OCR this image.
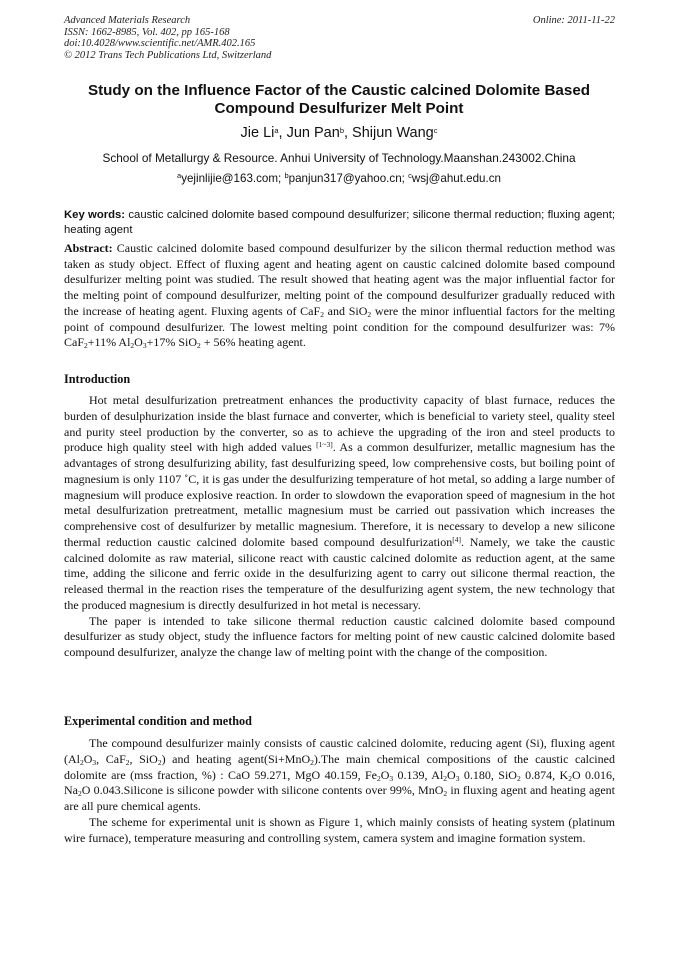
Advanced Materials Research
ISSN: 1662-8985, Vol. 402, pp 165-168
doi:10.4028/www.scientific.net/AMR.402.165
© 2012 Trans Tech Publications Ltd, Switzerland
Online: 2011-11-22
Study on the Influence Factor of the Caustic calcined Dolomite Based
Compound Desulfurizer Melt Point
Jie Li$^a$, Jun Pan$^b$, Shijun Wang$^c$
School of Metallurgy & Resource. Anhui University of Technology.Maanshan.243002.China
$^a$yejinlijie@163.com; $^b$panjun317@yahoo.cn; $^c$wsj@ahut.edu.cn
Key words: caustic calcined dolomite based compound desulfurizer; silicone thermal reduction; fluxing agent; heating agent
Abstract: Caustic calcined dolomite based compound desulfurizer by the silicon thermal reduction method was taken as study object. Effect of fluxing agent and heating agent on caustic calcined dolomite based compound desulfurizer melting point was studied. The result showed that heating agent was the major influential factor for the melting point of compound desulfurizer, melting point of the compound desulfurizer gradually reduced with the increase of heating agent. Fluxing agents of CaF$_2$ and SiO$_2$ were the minor influential factors for the melting point of compound desulfurizer. The lowest melting point condition for the compound desulfurizer was: 7% CaF$_2$+11% $Al_2O_3+17\%$ SiO$_2$ + 56% heating agent.
Introduction

Hot metal desulfurization pretreatment enhances the productivity capacity of blast furnace, reduces the burden of desulphurization inside the blast furnace and converter, which is beneficial to variety steel, quality steel and purity steel production by the converter, so as to achieve the upgrading of the iron and steel products to produce high quality steel with high added values [1~3]. As a common desulfurizer, metallic magnesium has the advantages of strong desulfurizing ability, fast desulfurizing speed, low comprehensive costs, but boiling point of magnesium is only 1107 ˚C, it is gas under the desulfurizing temperature of hot metal, so adding a large number of magnesium will produce explosive reaction. In order to slowdown the evaporation speed of magnesium in the hot metal desulfurization pretreatment, metallic magnesium must be carried out passivation which increases the comprehensive cost of desulfurizer by metallic magnesium. Therefore, it is necessary to develop a new silicone thermal reduction caustic calcined dolomite based compound desulfurization[4]. Namely, we take the caustic calcined dolomite as raw material, silicone react with caustic calcined dolomite as reduction agent, at the same time, adding the silicone and ferric oxide in the desulfurizing agent to carry out silicone thermal reaction, the released thermal in the reaction rises the temperature of the desulfurizing agent system, the new technology that the produced magnesium is directly desulfurized in hot metal is necessary.

The paper is intended to take silicone thermal reduction caustic calcined dolomite based compound desulfurizer as study object, study the influence factors for melting point of new caustic calcined dolomite based compound desulfurizer, analyze the change law of melting point with the change of the composition.

Experimental condition and method

The compound desulfurizer mainly consists of caustic calcined dolomite, reducing agent (Si), fluxing agent ($Al_2O_3$, CaF$_2$, SiO$_2$) and heating agent(Si+MnO$_2$).The main chemical compositions of the caustic calcined dolomite are (mss fraction, %) : CaO 59.271, MgO 40.159, $Fe_2O_3$ 0.139, $Al_2O_3$ 0.180, SiO$_2$ 0.874, $K_2O$ 0.016, $Na_2O$ 0.043.Silicone is silicone powder with silicone contents over 99%, MnO$_2$ in fluxing agent and heating agent are all pure chemical agents.

The scheme for experimental unit is shown as Figure 1, which mainly consists of heating system (platinum wire furnace), temperature measuring and controlling system, camera system and imagine formation system.
